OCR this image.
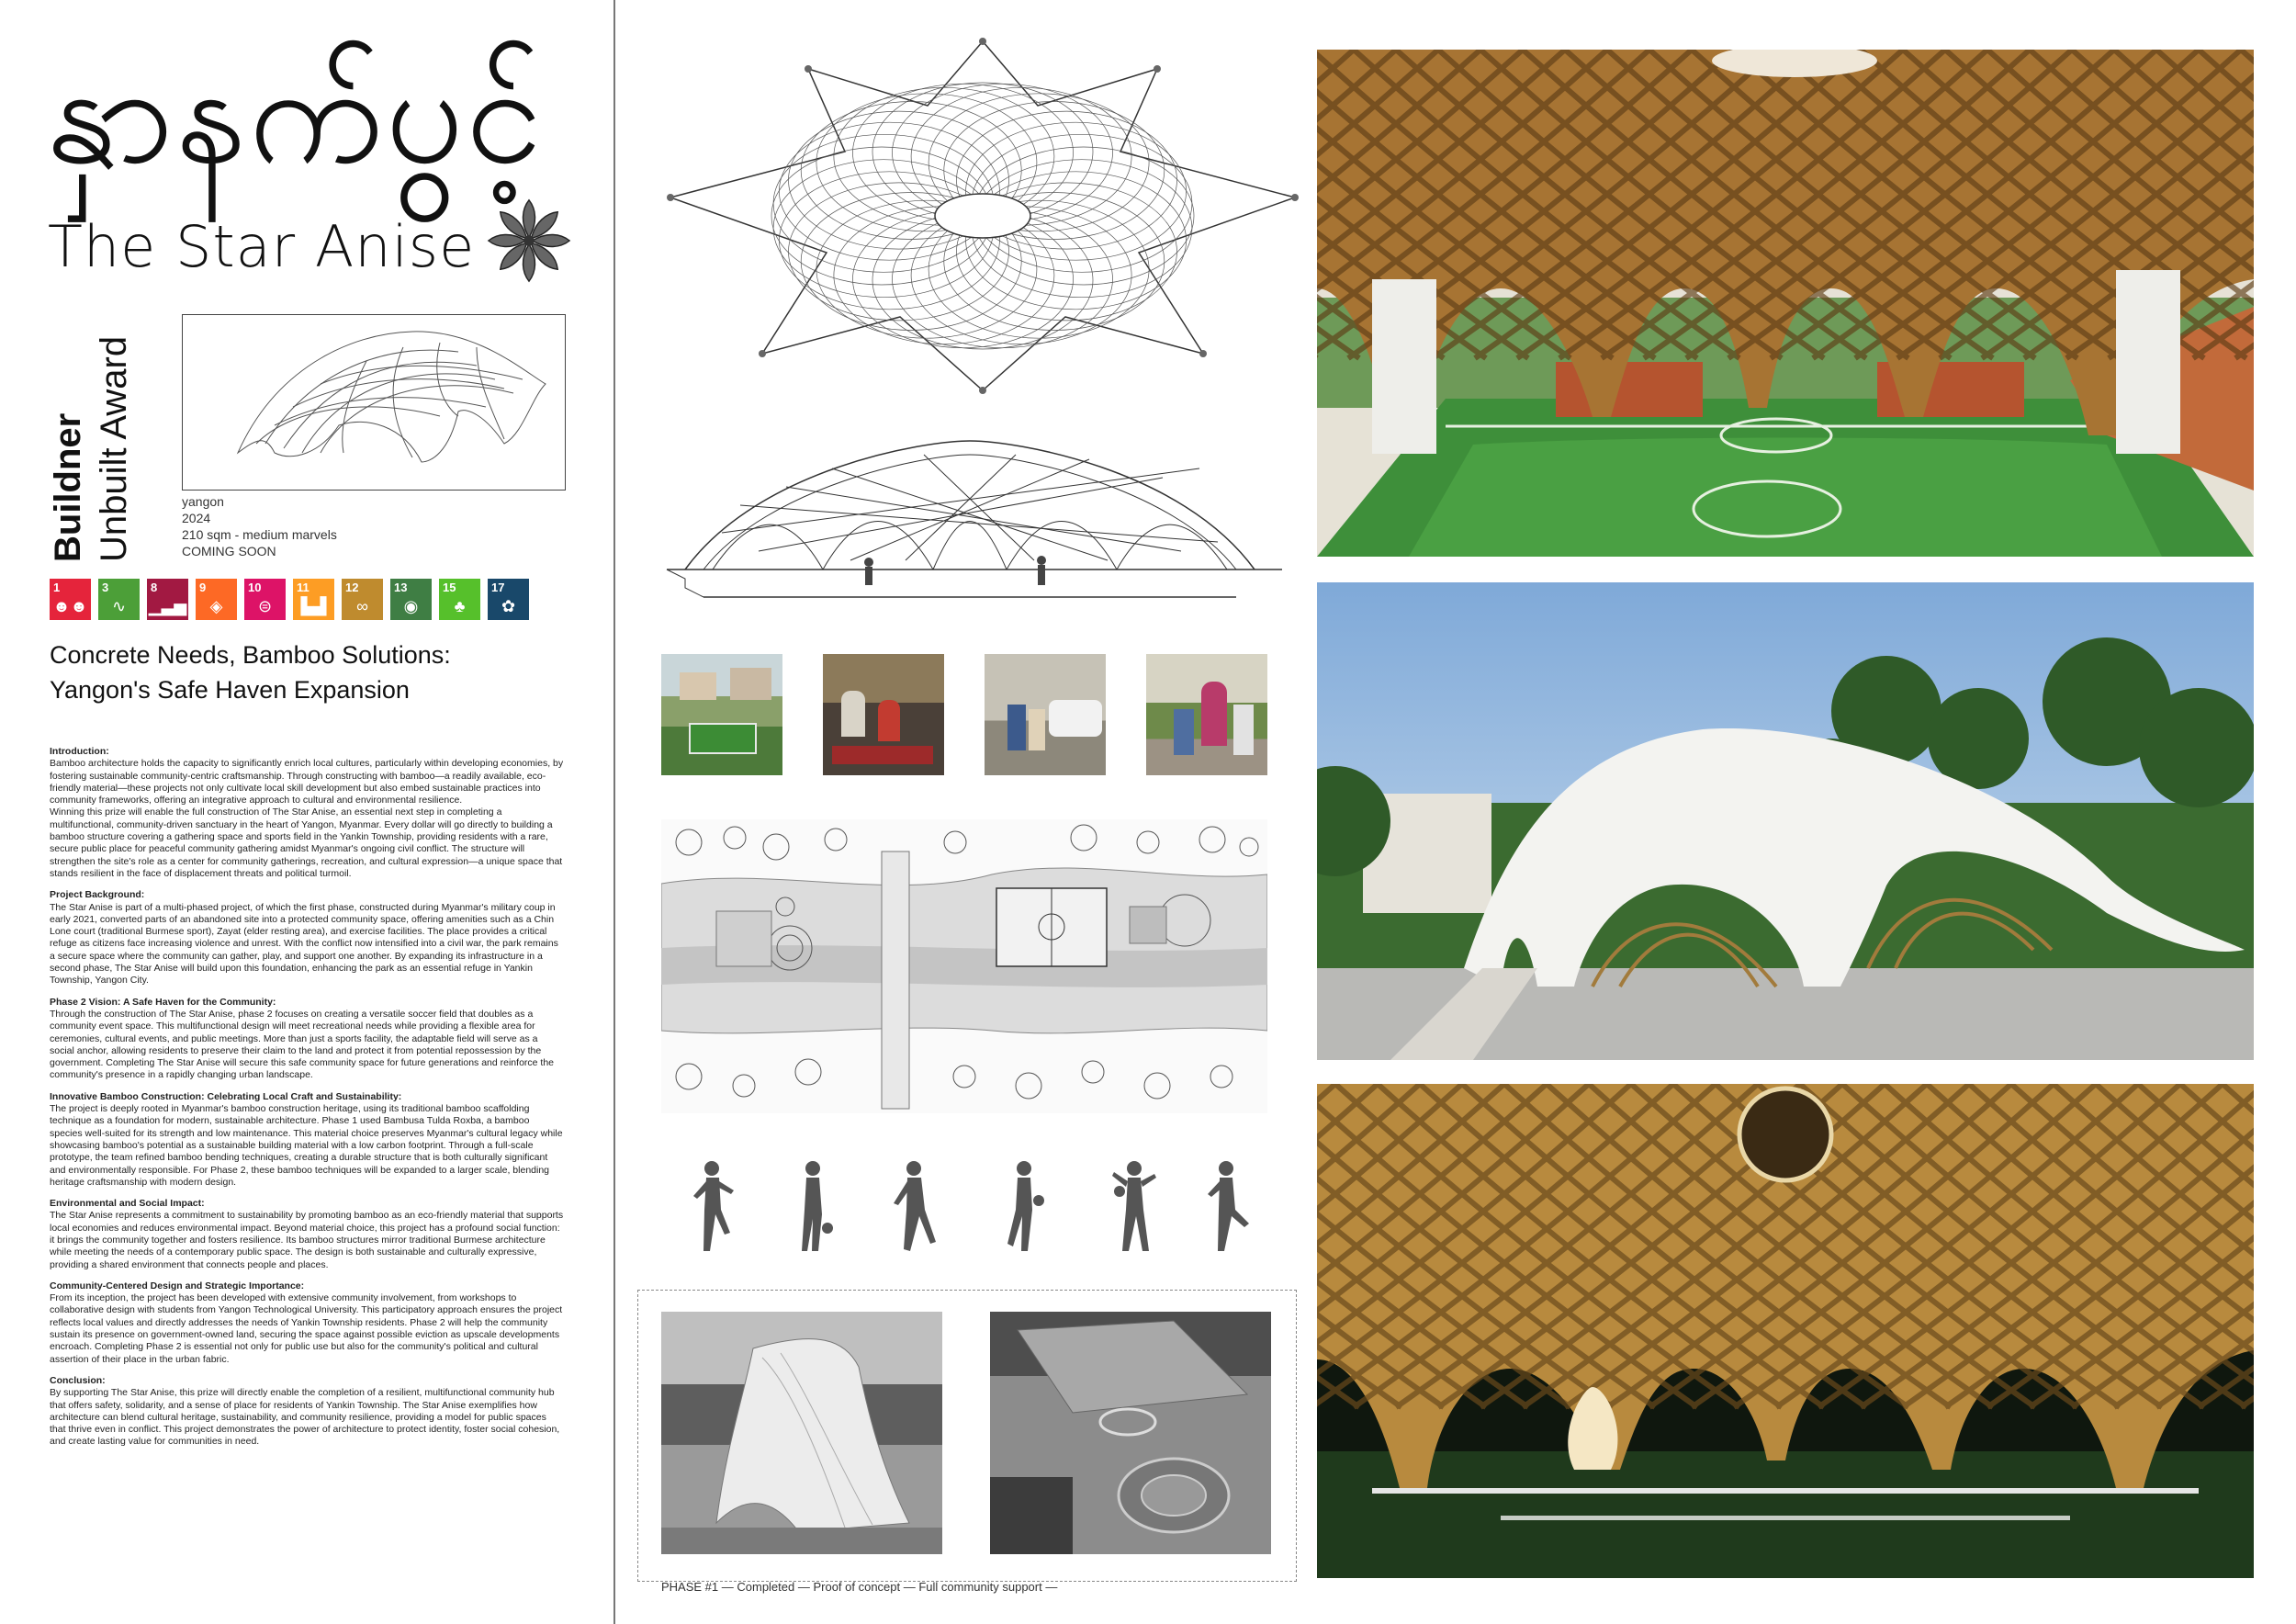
နှာနက်ပွင့်
The Star Anise
Buildner Unbuilt Award	yangon
2024
210 sqm - medium marvels
COMING SOON
1
☻☻
3
∿
8
▁▃▅
9
◈
10
⊜
11
▙▟
12
∞
13
◉
15
♣
17
✿
Concrete Needs, Bamboo Solutions:
Yangon's Safe Haven Expansion
Introduction:

Bamboo architecture holds the capacity to significantly enrich local cultures, particularly within developing economies, by fostering sustainable community-centric craftsmanship. Through constructing with bamboo—a readily available, eco-friendly material—these projects not only cultivate local skill development but also embed sustainable practices into community frameworks, offering an integrative approach to cultural and environmental resilience.

Winning this prize will enable the full construction of The Star Anise, an essential next step in completing a multifunctional, community-driven sanctuary in the heart of Yangon, Myanmar. Every dollar will go directly to building a bamboo structure covering a gathering space and sports field in the Yankin Township, providing residents with a rare, secure public place for peaceful community gathering amidst Myanmar's ongoing civil conflict. The structure will strengthen the site's role as a center for community gatherings, recreation, and cultural expression—a unique space that stands resilient in the face of displacement threats and political turmoil.

Project Background:

The Star Anise is part of a multi-phased project, of which the first phase, constructed during Myanmar's military coup in early 2021, converted parts of an abandoned site into a protected community space, offering amenities such as a Chin Lone court (traditional Burmese sport), Zayat (elder resting area), and exercise facilities. The place provides a critical refuge as citizens face increasing violence and unrest. With the conflict now intensified into a civil war, the park remains a secure space where the community can gather, play, and support one another. By expanding its infrastructure in a second phase, The Star Anise will build upon this foundation, enhancing the park as an essential refuge in Yankin Township, Yangon City.

Phase 2 Vision: A Safe Haven for the Community:

Through the construction of The Star Anise, phase 2 focuses on creating a versatile soccer field that doubles as a community event space. This multifunctional design will meet recreational needs while providing a flexible area for ceremonies, cultural events, and public meetings. More than just a sports facility, the adaptable field will serve as a social anchor, allowing residents to preserve their claim to the land and protect it from potential repossession by the government. Completing The Star Anise will secure this safe community space for future generations and reinforce the community's presence in a rapidly changing urban landscape.

Innovative Bamboo Construction: Celebrating Local Craft and Sustainability:

The project is deeply rooted in Myanmar's bamboo construction heritage, using its traditional bamboo scaffolding technique as a foundation for modern, sustainable architecture. Phase 1 used Bambusa Tulda Roxba, a bamboo species well-suited for its strength and low maintenance. This material choice preserves Myanmar's cultural legacy while showcasing bamboo's potential as a sustainable building material with a low carbon footprint. Through a full-scale prototype, the team refined bamboo bending techniques, creating a durable structure that is both culturally significant and environmentally responsible. For Phase 2, these bamboo techniques will be expanded to a larger scale, blending heritage craftsmanship with modern design.

Environmental and Social Impact:

The Star Anise represents a commitment to sustainability by promoting bamboo as an eco-friendly material that supports local economies and reduces environmental impact. Beyond material choice, this project has a profound social function: it brings the community together and fosters resilience. Its bamboo structures mirror traditional Burmese architecture while meeting the needs of a contemporary public space. The design is both sustainable and culturally expressive, providing a shared environment that connects people and places.

Community-Centered Design and Strategic Importance:

From its inception, the project has been developed with extensive community involvement, from workshops to collaborative design with students from Yangon Technological University. This participatory approach ensures the project reflects local values and directly addresses the needs of Yankin Township residents. Phase 2 will help the community sustain its presence on government-owned land, securing the space against possible eviction as upscale developments encroach. Completing Phase 2 is essential not only for public use but also for the community's political and cultural assertion of their place in the urban fabric.

Conclusion:

By supporting The Star Anise, this prize will directly enable the completion of a resilient, multifunctional community hub that offers safety, solidarity, and a sense of place for residents of Yankin Township. The Star Anise exemplifies how architecture can blend cultural heritage, sustainability, and community resilience, providing a model for public spaces that thrive even in conflict. This project demonstrates the power of architecture to protect identity, foster social cohesion, and create lasting value for communities in need.

PHASE #1 — Completed — Proof of concept — Full community support —
